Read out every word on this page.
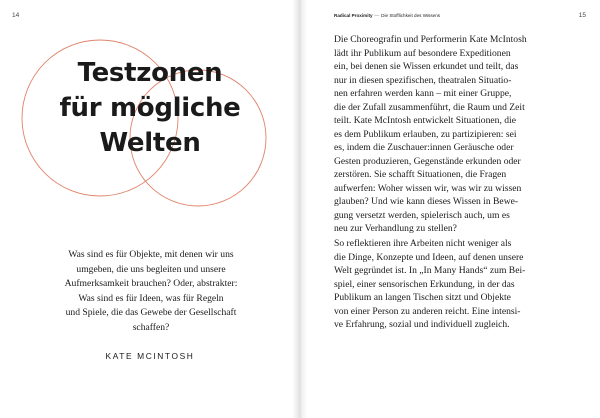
14
Testzonen
für mögliche
Welten
Was sind es für Objekte, mit denen wir uns
umgeben, die uns begleiten und unsere
Aufmerksamkeit brauchen? Oder, abstrakter:
Was sind es für Ideen, was für Regeln
und Spiele, die das Gewebe der Gesellschaft
schaffen?
KATE MCINTOSH
Radical Proximity — Die Stofflichkeit des Wissens	15
Die Choreografin und Performerin Kate McIntosh
lädt ihr Publikum auf besondere Expeditionen
ein, bei denen sie Wissen erkundet und teilt, das
nur in diesen spezifischen, theatralen Situatio-
nen erfahren werden kann – mit einer Gruppe,
die der Zufall zusammenführt, die Raum und Zeit
teilt. Kate McIntosh entwickelt Situationen, die
es dem Publikum erlauben, zu partizipieren: sei
es, indem die Zuschauer:innen Geräusche oder
Gesten produzieren, Gegenstände erkunden oder
zerstören. Sie schafft Situationen, die Fragen
aufwerfen: Woher wissen wir, was wir zu wissen
glauben? Und wie kann dieses Wissen in Bewe-
gung versetzt werden, spielerisch auch, um es
neu zur Verhandlung zu stellen?
So reflektieren ihre Arbeiten nicht weniger als
die Dinge, Konzepte und Ideen, auf denen unsere
Welt gegründet ist. In „In Many Hands“ zum Bei-
spiel, einer sensorischen Erkundung, in der das
Publikum an langen Tischen sitzt und Objekte
von einer Person zu anderen reicht. Eine intensi-
ve Erfahrung, sozial und individuell zugleich.
